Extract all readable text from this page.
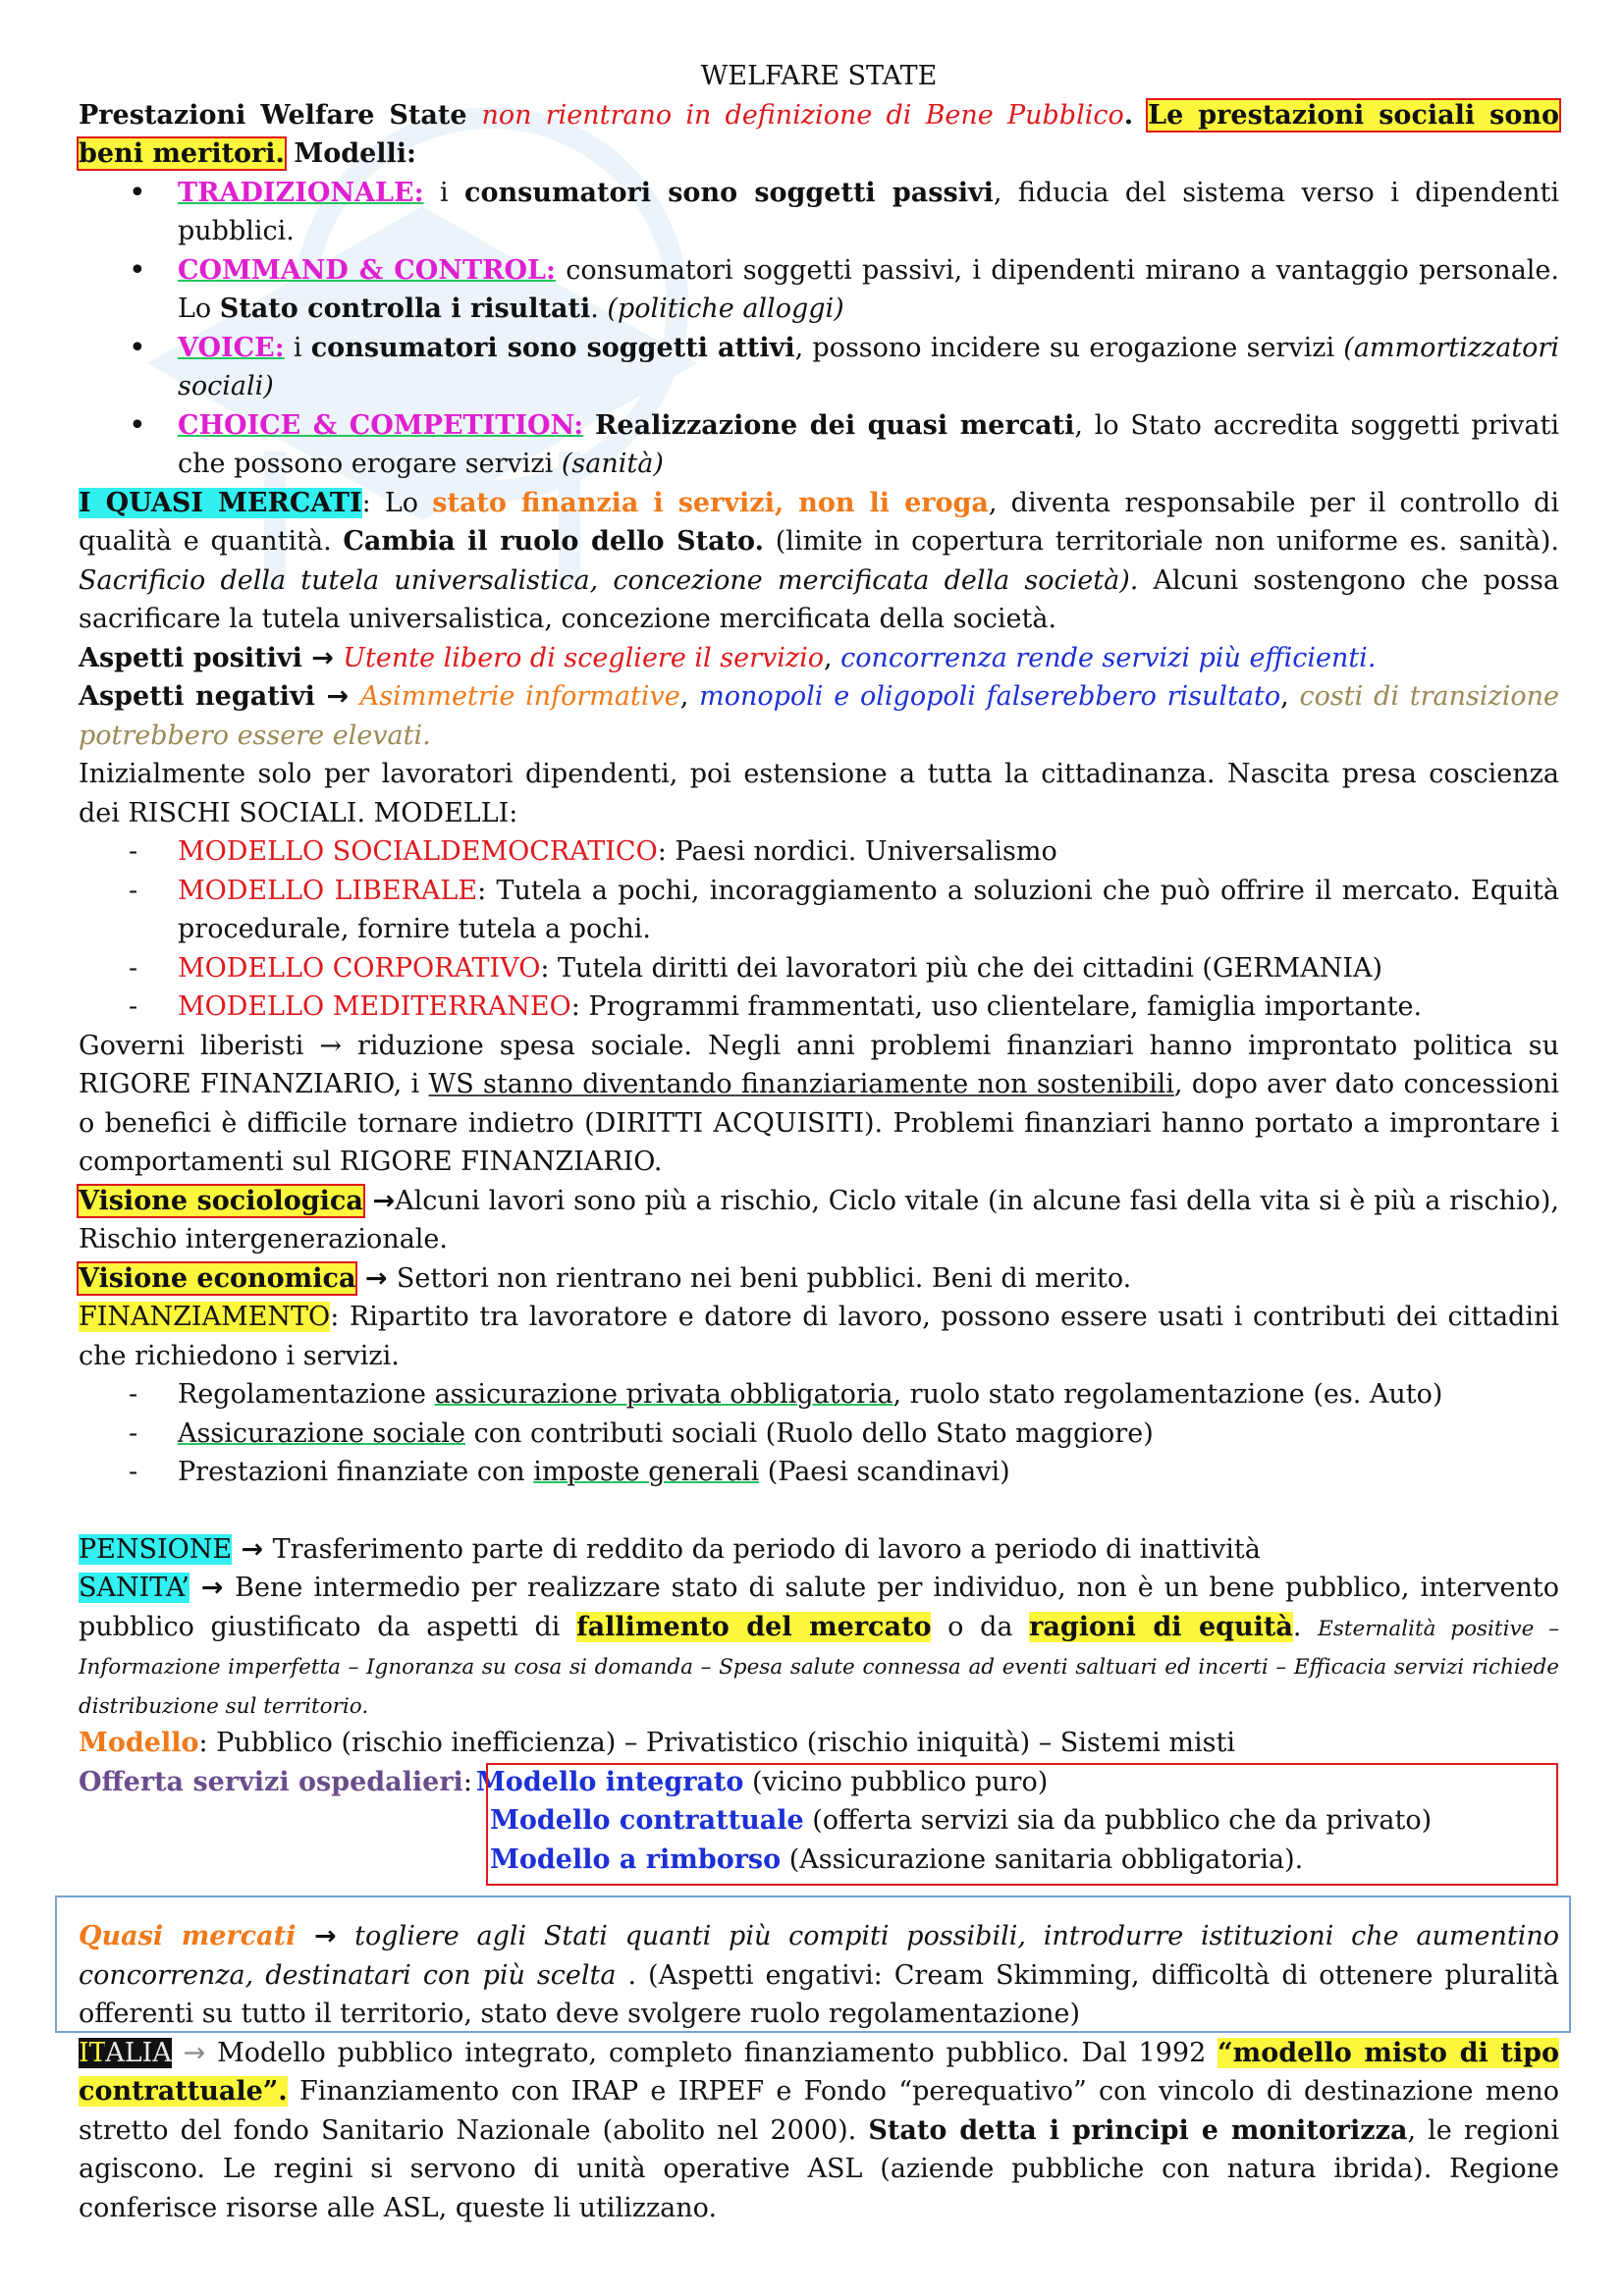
WELFARE STATE

Prestazioni Welfare State non rientrano in definizione di Bene Pubblico. Le prestazioni sociali sono beni meritori. Modelli:

• TRADIZIONALE: i consumatori sono soggetti passivi, fiducia del sistema verso i dipendenti pubblici.
• COMMAND & CONTROL: consumatori soggetti passivi, i dipendenti mirano a vantaggio personale. Lo Stato controlla i risultati. (politiche alloggi)
• VOICE: i consumatori sono soggetti attivi, possono incidere su erogazione servizi (ammortizzatori sociali)
• CHOICE & COMPETITION: Realizzazione dei quasi mercati, lo Stato accredita soggetti privati che possono erogare servizi (sanità)

I QUASI MERCATI: Lo stato finanzia i servizi, non li eroga, diventa responsabile per il controllo di qualità e quantità. Cambia il ruolo dello Stato. (limite in copertura territoriale non uniforme es. sanità). Sacrificio della tutela universalistica, concezione mercificata della società). Alcuni sostengono che possa sacrificare la tutela universalistica, concezione mercificata della società.

Aspetti positivi → Utente libero di scegliere il servizio, concorrenza rende servizi più efficienti.

Aspetti negativi → Asimmetrie informative, monopoli e oligopoli falserebbero risultato, costi di transizione potrebbero essere elevati.

Inizialmente solo per lavoratori dipendenti, poi estensione a tutta la cittadinanza. Nascita presa coscienza dei RISCHI SOCIALI. MODELLI:

- MODELLO SOCIALDEMOCRATICO: Paesi nordici. Universalismo
- MODELLO LIBERALE: Tutela a pochi, incoraggiamento a soluzioni che può offrire il mercato. Equità procedurale, fornire tutela a pochi.
- MODELLO CORPORATIVO: Tutela diritti dei lavoratori più che dei cittadini (GERMANIA)
- MODELLO MEDITERRANEO: Programmi frammentati, uso clientelare, famiglia importante.

Governi liberisti → riduzione spesa sociale. Negli anni problemi finanziari hanno improntato politica su RIGORE FINANZIARIO, i WS stanno diventando finanziariamente non sostenibili, dopo aver dato concessioni o benefici è difficile tornare indietro (DIRITTI ACQUISITI). Problemi finanziari hanno portato a improntare i comportamenti sul RIGORE FINANZIARIO.

Visione sociologica →Alcuni lavori sono più a rischio, Ciclo vitale (in alcune fasi della vita si è più a rischio), Rischio intergenerazionale.

Visione economica → Settori non rientrano nei beni pubblici. Beni di merito.

FINANZIAMENTO: Ripartito tra lavoratore e datore di lavoro, possono essere usati i contributi dei cittadini che richiedono i servizi.

- Regolamentazione assicurazione privata obbligatoria, ruolo stato regolamentazione (es. Auto)
- Assicurazione sociale con contributi sociali (Ruolo dello Stato maggiore)
- Prestazioni finanziate con imposte generali (Paesi scandinavi)

PENSIONE → Trasferimento parte di reddito da periodo di lavoro a periodo di inattività

SANITA’ → Bene intermedio per realizzare stato di salute per individuo, non è un bene pubblico, intervento pubblico giustificato da aspetti di fallimento del mercato o da ragioni di equità. Esternalità positive – Informazione imperfetta – Ignoranza su cosa si domanda – Spesa salute connessa ad eventi saltuari ed incerti – Efficacia servizi richiede distribuzione sul territorio.

Modello: Pubblico (rischio inefficienza) – Privatistico (rischio iniquità) – Sistemi misti

Offerta servizi ospedalieri: Modello integrato (vicino pubblico puro)

Modello contrattuale (offerta servizi sia da pubblico che da privato)

Modello a rimborso (Assicurazione sanitaria obbligatoria).

Quasi mercati → togliere agli Stati quanti più compiti possibili, introdurre istituzioni che aumentino concorrenza, destinatari con più scelta . (Aspetti engativi: Cream Skimming, difficoltà di ottenere pluralità offerenti su tutto il territorio, stato deve svolgere ruolo regolamentazione)

ITALIA → Modello pubblico integrato, completo finanziamento pubblico. Dal 1992 “modello misto di tipo contrattuale”. Finanziamento con IRAP e IRPEF e Fondo “perequativo” con vincolo di destinazione meno stretto del fondo Sanitario Nazionale (abolito nel 2000). Stato detta i principi e monitorizza, le regioni agiscono. Le regini si servono di unità operative ASL (aziende pubbliche con natura ibrida). Regione conferisce risorse alle ASL, queste li utilizzano.
